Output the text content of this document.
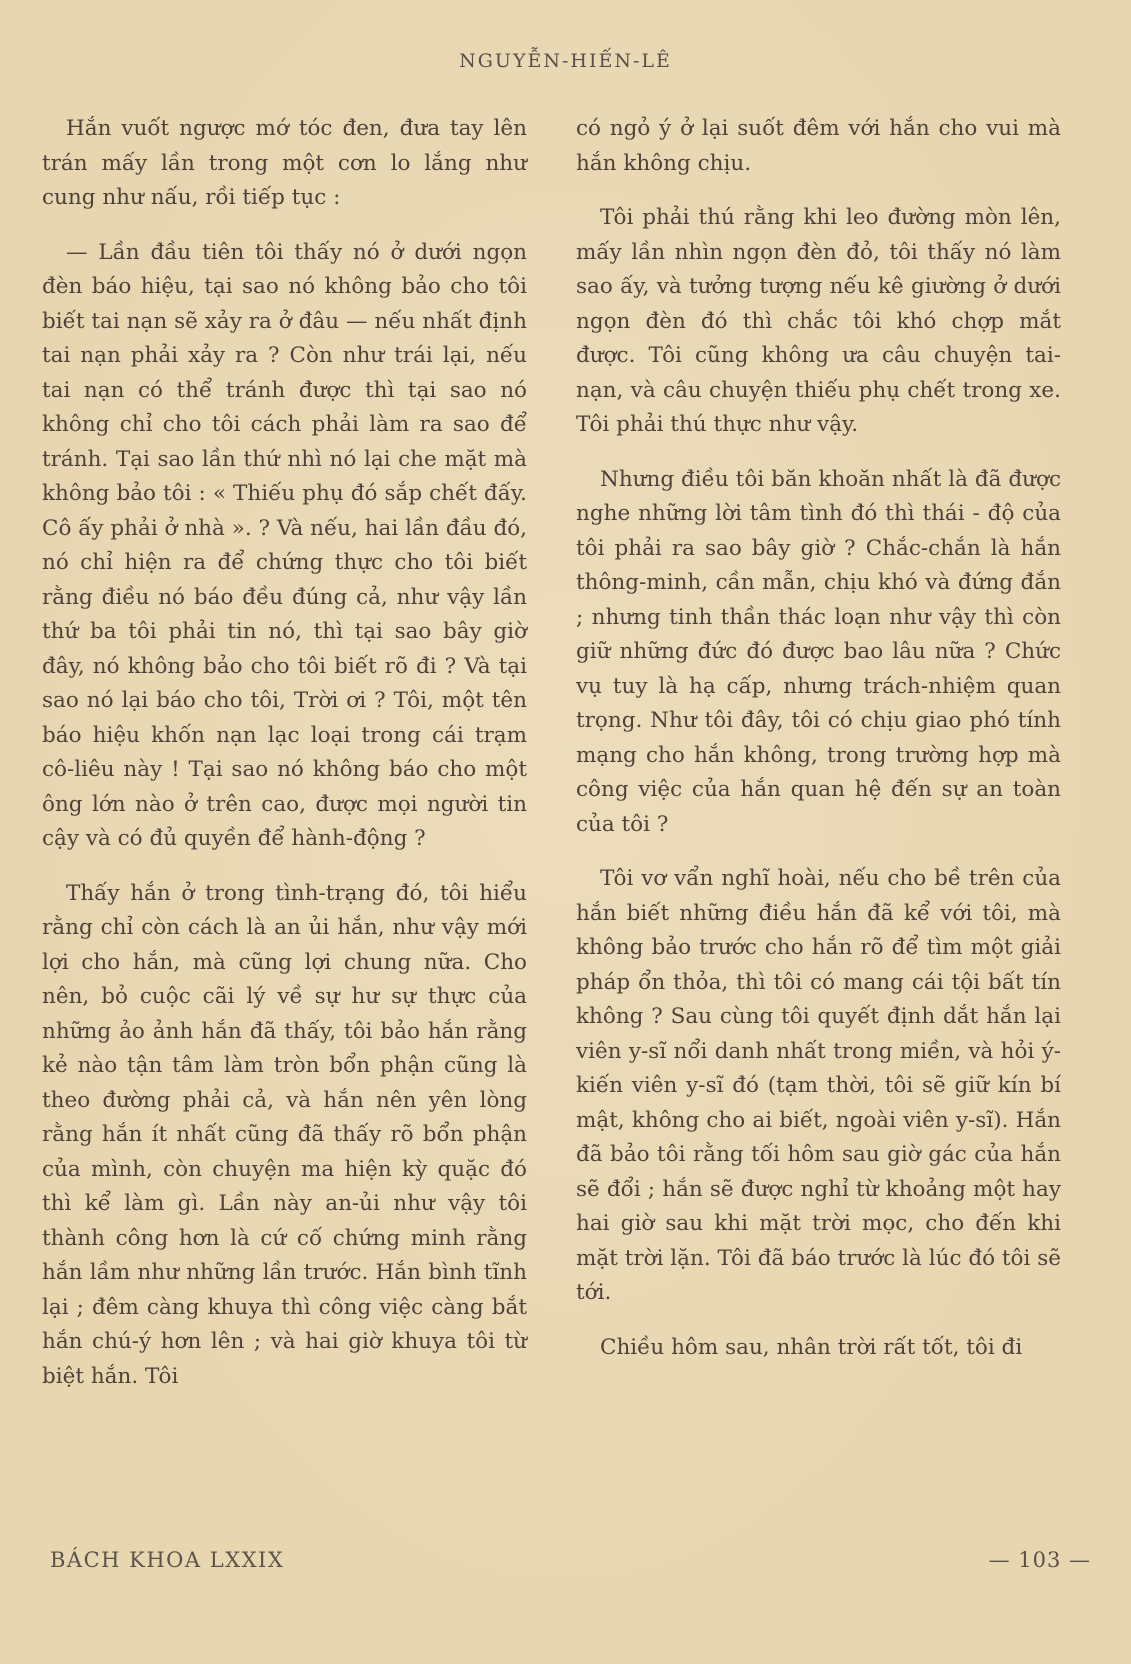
NGUYỄN-HIẾN-LÊ

Hắn vuốt ngược mớ tóc đen, đưa tay lên trán mấy lần trong một cơn lo lắng như cung như nấu, rồi tiếp tục :

— Lần đầu tiên tôi thấy nó ở dưới ngọn đèn báo hiệu, tại sao nó không bảo cho tôi biết tai nạn sẽ xảy ra ở đâu — nếu nhất định tai nạn phải xảy ra ? Còn như trái lại, nếu tai nạn có thể tránh được thì tại sao nó không chỉ cho tôi cách phải làm ra sao để tránh. Tại sao lần thứ nhì nó lại che mặt mà không bảo tôi : « Thiếu phụ đó sắp chết đấy. Cô ấy phải ở nhà ». ? Và nếu, hai lần đầu đó, nó chỉ hiện ra để chứng thực cho tôi biết rằng điều nó báo đều đúng cả, như vậy lần thứ ba tôi phải tin nó, thì tại sao bây giờ đây, nó không bảo cho tôi biết rõ đi ? Và tại sao nó lại báo cho tôi, Trời ơi ? Tôi, một tên báo hiệu khốn nạn lạc loại trong cái trạm cô-liêu này ! Tại sao nó không báo cho một ông lớn nào ở trên cao, được mọi người tin cậy và có đủ quyền để hành-động ?

Thấy hắn ở trong tình-trạng đó, tôi hiểu rằng chỉ còn cách là an ủi hắn, như vậy mới lợi cho hắn, mà cũng lợi chung nữa. Cho nên, bỏ cuộc cãi lý về sự hư sự thực của những ảo ảnh hắn đã thấy, tôi bảo hắn rằng kẻ nào tận tâm làm tròn bổn phận cũng là theo đường phải cả, và hắn nên yên lòng rằng hắn ít nhất cũng đã thấy rõ bổn phận của mình, còn chuyện ma hiện kỳ quặc đó thì kể làm gì. Lần này an-ủi như vậy tôi thành công hơn là cứ cố chứng minh rằng hắn lầm như những lần trước. Hắn bình tĩnh lại ; đêm càng khuya thì công việc càng bắt hắn chú-ý hơn lên ; và hai giờ khuya tôi từ biệt hắn. Tôi

có ngỏ ý ở lại suốt đêm với hắn cho vui mà hắn không chịu.

Tôi phải thú rằng khi leo đường mòn lên, mấy lần nhìn ngọn đèn đỏ, tôi thấy nó làm sao ấy, và tưởng tượng nếu kê giường ở dưới ngọn đèn đó thì chắc tôi khó chợp mắt được. Tôi cũng không ưa câu chuyện tai-nạn, và câu chuyện thiếu phụ chết trong xe. Tôi phải thú thực như vậy.

Nhưng điều tôi băn khoăn nhất là đã được nghe những lời tâm tình đó thì thái - độ của tôi phải ra sao bây giờ ? Chắc-chắn là hắn thông-minh, cần mẫn, chịu khó và đứng đắn ; nhưng tinh thần thác loạn như vậy thì còn giữ những đức đó được bao lâu nữa ? Chức vụ tuy là hạ cấp, nhưng trách-nhiệm quan trọng. Như tôi đây, tôi có chịu giao phó tính mạng cho hắn không, trong trường hợp mà công việc của hắn quan hệ đến sự an toàn của tôi ?

Tôi vơ vẩn nghĩ hoài, nếu cho bề trên của hắn biết những điều hắn đã kể với tôi, mà không bảo trước cho hắn rõ để tìm một giải pháp ổn thỏa, thì tôi có mang cái tội bất tín không ? Sau cùng tôi quyết định dắt hắn lại viên y-sĩ nổi danh nhất trong miền, và hỏi ý-kiến viên y-sĩ đó (tạm thời, tôi sẽ giữ kín bí mật, không cho ai biết, ngoài viên y-sĩ). Hắn đã bảo tôi rằng tối hôm sau giờ gác của hắn sẽ đổi ; hắn sẽ được nghỉ từ khoảng một hay hai giờ sau khi mặt trời mọc, cho đến khi mặt trời lặn. Tôi đã báo trước là lúc đó tôi sẽ tới.

Chiều hôm sau, nhân trời rất tốt, tôi đi

BÁCH KHOA LXXIX	— 103 —
